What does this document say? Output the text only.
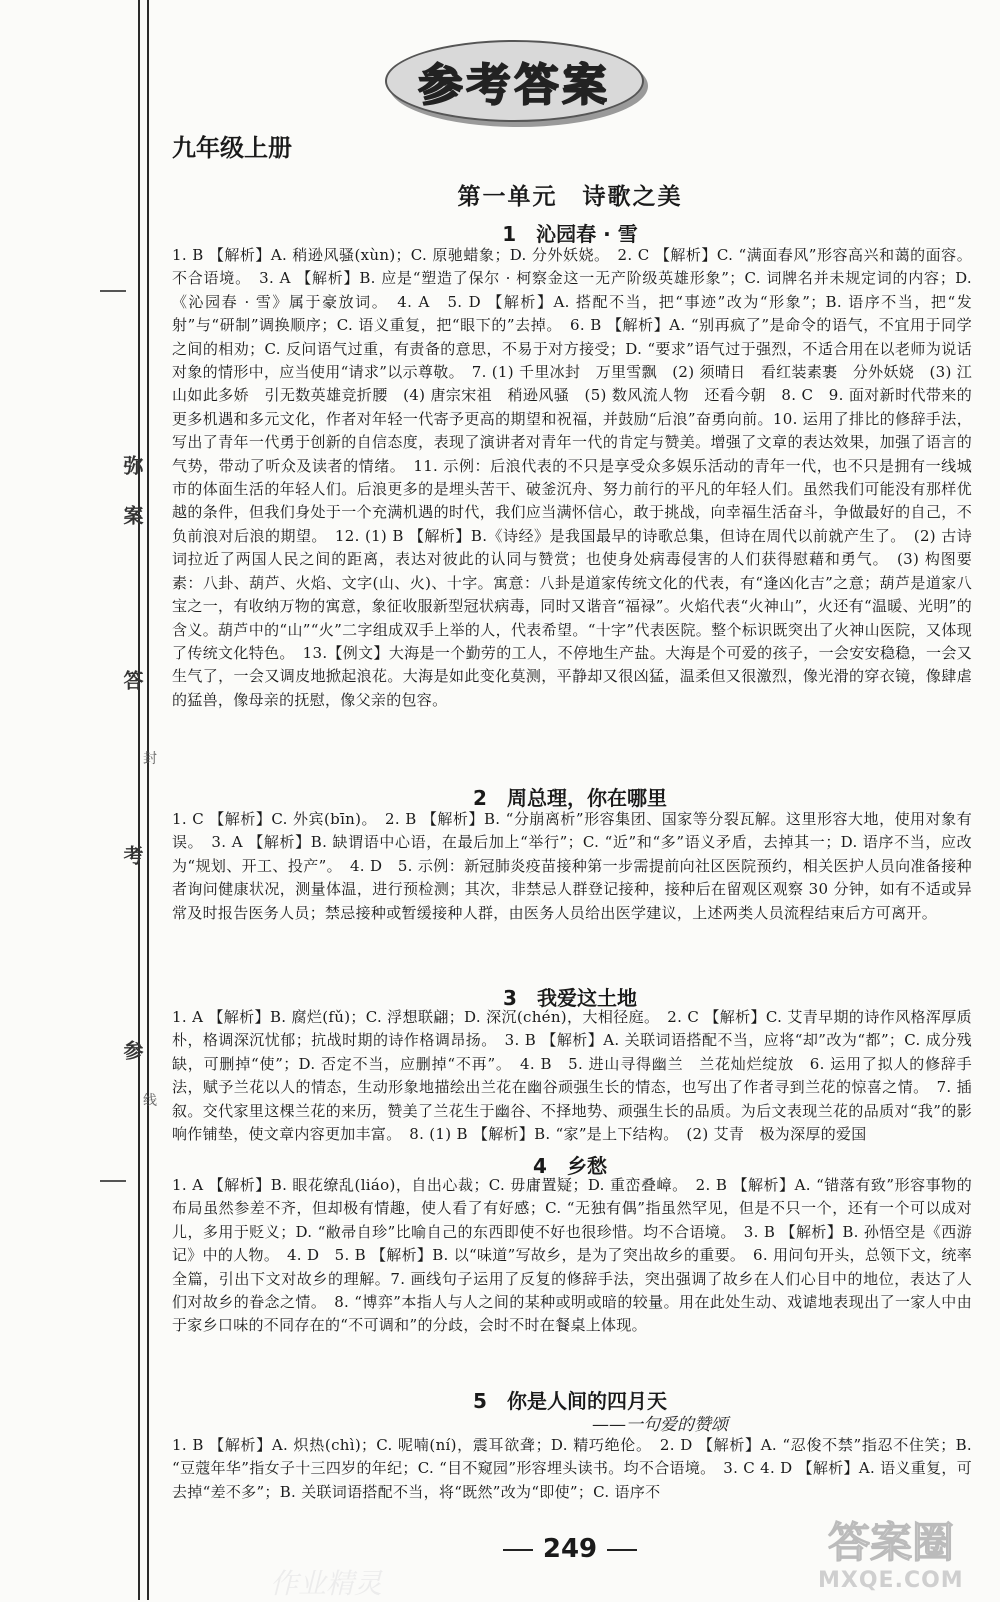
弥
案
答
考
参
封
线
参考答案
九年级上册
第一单元　诗歌之美
1　沁园春 · 雪
1. B 【解析】A. 稍逊风骚(xùn)；C. 原驰蜡象；D. 分外妖娆。　2. C 【解析】C. “满面春风”形容高兴和蔼的面容。不合语境。　3. A 【解析】B. 应是“塑造了保尔 · 柯察金这一无产阶级英雄形象”；C. 词牌名并未规定词的内容；D.《沁园春 · 雪》属于豪放词。　4. A　5. D 【解析】A. 搭配不当，把“事迹”改为“形象”；B. 语序不当，把“发射”与“研制”调换顺序；C. 语义重复，把“眼下的”去掉。　6. B 【解析】A. “别再疯了”是命令的语气，不宜用于同学之间的相劝；C. 反问语气过重，有责备的意思，不易于对方接受；D. “要求”语气过于强烈，不适合用在以老师为说话对象的情形中，应当使用“请求”以示尊敬。　7. (1) 千里冰封　万里雪飘　(2) 须晴日　看红装素裹　分外妖娆　(3) 江山如此多娇　引无数英雄竞折腰　(4) 唐宗宋祖　稍逊风骚　(5) 数风流人物　还看今朝　8. C　9. 面对新时代带来的更多机遇和多元文化，作者对年轻一代寄予更高的期望和祝福，并鼓励“后浪”奋勇向前。10. 运用了排比的修辞手法，写出了青年一代勇于创新的自信态度，表现了演讲者对青年一代的肯定与赞美。增强了文章的表达效果，加强了语言的气势，带动了听众及读者的情绪。　11. 示例：后浪代表的不只是享受众多娱乐活动的青年一代，也不只是拥有一线城市的体面生活的年轻人们。后浪更多的是埋头苦干、破釜沉舟、努力前行的平凡的年轻人们。虽然我们可能没有那样优越的条件，但我们身处于一个充满机遇的时代，我们应当满怀信心，敢于挑战，向幸福生活奋斗，争做最好的自己，不负前浪对后浪的期望。　12. (1) B 【解析】B.《诗经》是我国最早的诗歌总集，但诗在周代以前就产生了。　(2) 古诗词拉近了两国人民之间的距离，表达对彼此的认同与赞赏；也使身处病毒侵害的人们获得慰藉和勇气。　(3) 构图要素：八卦、葫芦、火焰、文字(山、火)、十字。寓意：八卦是道家传统文化的代表，有“逢凶化吉”之意；葫芦是道家八宝之一，有收纳万物的寓意，象征收服新型冠状病毒，同时又谐音“福禄”。火焰代表“火神山”，火还有“温暖、光明”的含义。葫芦中的“山”“火”二字组成双手上举的人，代表希望。“十字”代表医院。整个标识既突出了火神山医院，又体现了传统文化特色。　13.【例文】大海是一个勤劳的工人，不停地生产盐。大海是个可爱的孩子，一会安安稳稳，一会又生气了，一会又调皮地掀起浪花。大海是如此变化莫测，平静却又很凶猛，温柔但又很激烈，像光滑的穿衣镜，像肆虐的猛兽，像母亲的抚慰，像父亲的包容。
2　周总理，你在哪里
1. C 【解析】C. 外宾(bīn)。　2. B 【解析】B. “分崩离析”形容集团、国家等分裂瓦解。这里形容大地，使用对象有误。　3. A 【解析】B. 缺谓语中心语，在最后加上“举行”；C. “近”和“多”语义矛盾，去掉其一；D. 语序不当，应改为“规划、开工、投产”。　4. D　5. 示例：新冠肺炎疫苗接种第一步需提前向社区医院预约，相关医护人员向准备接种者询问健康状况，测量体温，进行预检测；其次，非禁忌人群登记接种，接种后在留观区观察 30 分钟，如有不适或异常及时报告医务人员；禁忌接种或暂缓接种人群，由医务人员给出医学建议，上述两类人员流程结束后方可离开。
3　我爱这土地
1. A 【解析】B. 腐烂(fǔ)；C. 浮想联翩；D. 深沉(chén)，大相径庭。　2. C 【解析】C. 艾青早期的诗作风格浑厚质朴，格调深沉忧郁；抗战时期的诗作格调昂扬。　3. B 【解析】A. 关联词语搭配不当，应将“却”改为“都”；C. 成分残缺，可删掉“使”；D. 否定不当，应删掉“不再”。　4. B　5. 进山寻得幽兰　兰花灿烂绽放　6. 运用了拟人的修辞手法，赋予兰花以人的情态，生动形象地描绘出兰花在幽谷顽强生长的情态，也写出了作者寻到兰花的惊喜之情。　7. 插叙。交代家里这棵兰花的来历，赞美了兰花生于幽谷、不择地势、顽强生长的品质。为后文表现兰花的品质对“我”的影响作铺垫，使文章内容更加丰富。　8. (1) B 【解析】B. “家”是上下结构。　(2) 艾青　极为深厚的爱国
4　乡愁
1. A 【解析】B. 眼花缭乱(liáo)，自出心裁；C. 毋庸置疑；D. 重峦叠嶂。　2. B 【解析】A. “错落有致”形容事物的布局虽然参差不齐，但却极有情趣，使人看了有好感；C. “无独有偶”指虽然罕见，但是不只一个，还有一个可以成对儿，多用于贬义；D. “敝帚自珍”比喻自己的东西即使不好也很珍惜。均不合语境。　3. B 【解析】B. 孙悟空是《西游记》中的人物。　4. D　5. B 【解析】B. 以“味道”写故乡，是为了突出故乡的重要。　6. 用问句开头，总领下文，统率全篇，引出下文对故乡的理解。7. 画线句子运用了反复的修辞手法，突出强调了故乡在人们心目中的地位，表达了人们对故乡的眷念之情。　8. “博弈”本指人与人之间的某种或明或暗的较量。用在此处生动、戏谑地表现出了一家人中由于家乡口味的不同存在的“不可调和”的分歧，会时不时在餐桌上体现。
5　你是人间的四月天
——一句爱的赞颂
1. B 【解析】A. 炽热(chì)；C. 呢喃(ní)，震耳欲聋；D. 精巧绝伦。　2. D 【解析】A. “忍俊不禁”指忍不住笑；B. “豆蔻年华”指女子十三四岁的年纪；C. “目不窥园”形容埋头读书。均不合语境。　3. C 4. D 【解析】A. 语义重复，可去掉“差不多”；B. 关联词语搭配不当，将“既然”改为“即使”；C. 语序不
249	答案圈
MXQE.COM
作业精灵
